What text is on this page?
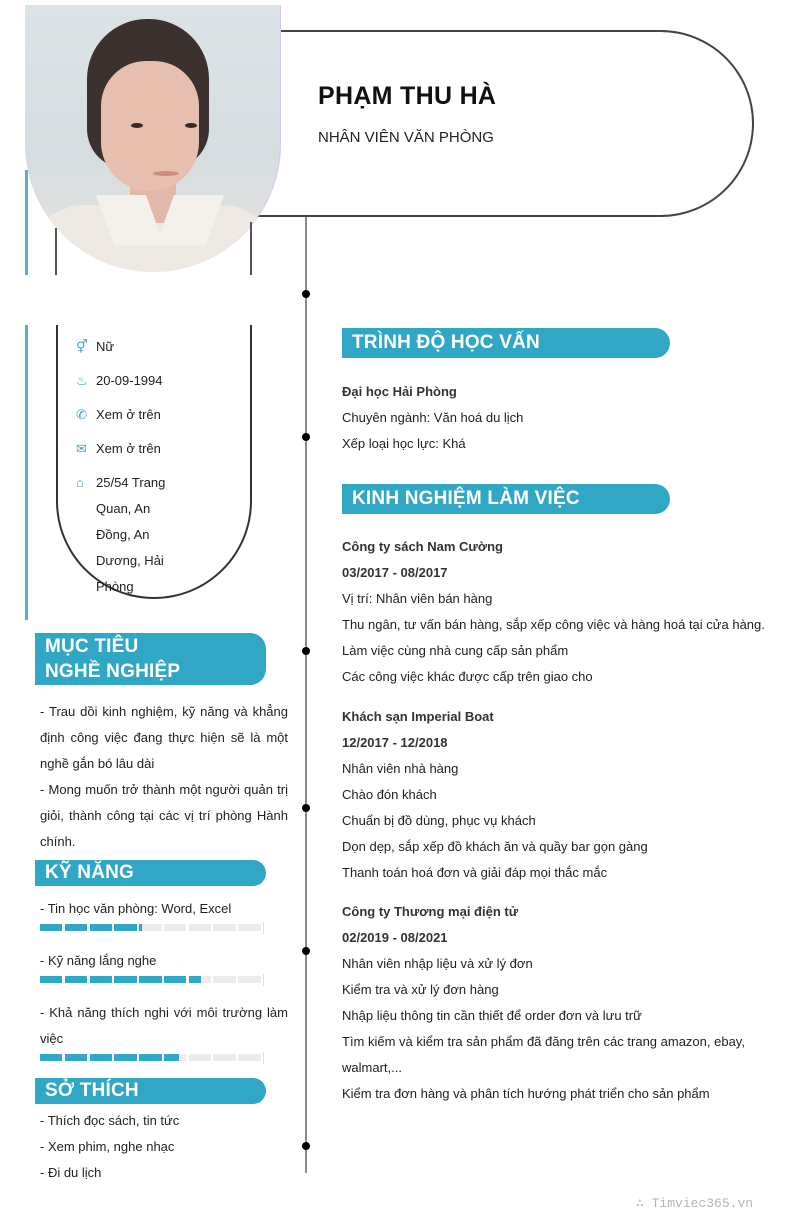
PHẠM THU HÀ
NHÂN VIÊN VĂN PHÒNG
⚥ Nữ
♨ 20-09-1994
✆ Xem ở trên
✉ Xem ở trên
⌂ 25/54 Trang Quan, An Đồng, An Dương, Hải Phòng
MỤC TIÊU NGHỀ NGHIỆP
- Trau dồi kinh nghiệm, kỹ năng và khẳng định công việc đang thực hiện sẽ là một nghề gắn bó lâu dài
- Mong muốn trở thành một người quản trị giỏi, thành công tại các vị trí phòng Hành chính.
KỸ NĂNG
- Tin học văn phòng: Word, Excel
- Kỹ năng lắng nghe
- Khả năng thích nghi với môi trường làm việc
SỞ THÍCH
- Thích đọc sách, tin tức
- Xem phim, nghe nhạc
- Đi du lịch
TRÌNH ĐỘ HỌC VẤN
Đại học Hải Phòng
Chuyên ngành: Văn hoá du lịch
Xếp loại học lực: Khá
KINH NGHIỆM LÀM VIỆC
Công ty sách Nam Cường
03/2017 - 08/2017
Vị trí: Nhân viên bán hàng
Thu ngân, tư vấn bán hàng, sắp xếp công việc và hàng hoá tại cửa hàng.
Làm việc cùng nhà cung cấp sản phẩm
Các công việc khác được cấp trên giao cho
Khách sạn Imperial Boat
12/2017 - 12/2018
Nhân viên nhà hàng
Chào đón khách
Chuẩn bị đồ dùng, phục vụ khách
Dọn dẹp, sắp xếp đồ khách ăn và quầy bar gọn gàng
Thanh toán hoá đơn và giải đáp mọi thắc mắc
Công ty Thương mại điện tử
02/2019 - 08/2021
Nhân viên nhập liệu và xử lý đơn
Kiểm tra và xử lý đơn hàng
Nhập liệu thông tin cần thiết để order đơn và lưu trữ
Tìm kiếm và kiểm tra sản phẩm đã đăng trên các trang amazon, ebay, walmart,...
Kiểm tra đơn hàng và phân tích hướng phát triển cho sản phẩm
∴ Timviec365.vn
